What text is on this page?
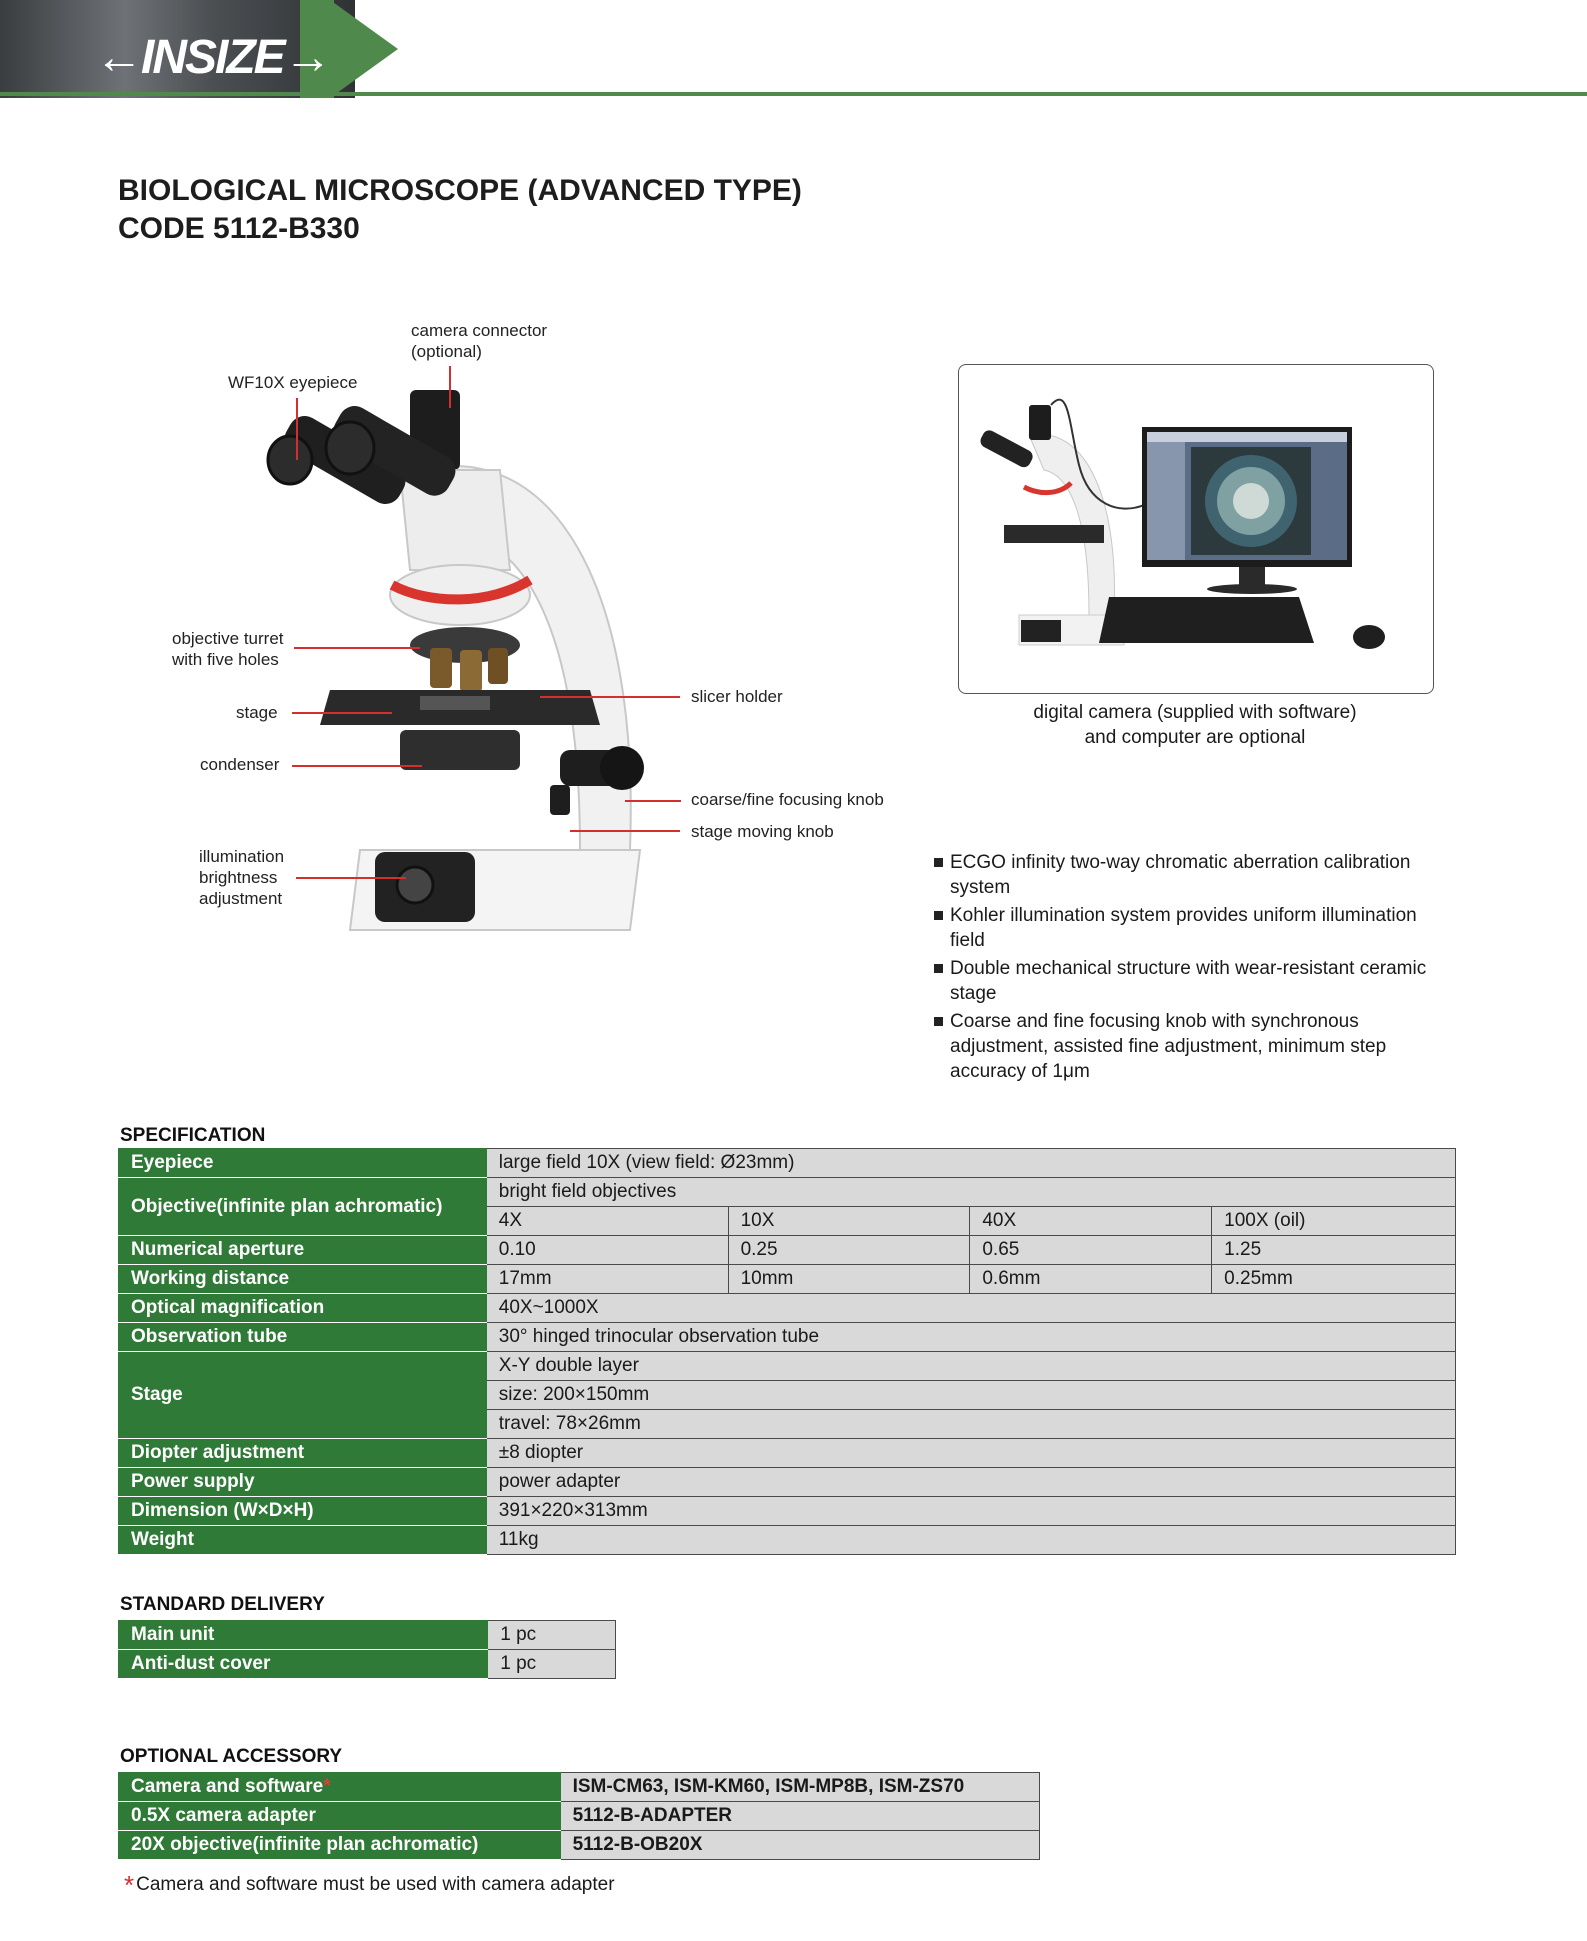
←INSIZE→
BIOLOGICAL MICROSCOPE (ADVANCED TYPE)
CODE 5112-B330
camera connector
(optional)
WF10X eyepiece
objective turret
with five holes
stage
condenser
illumination
brightness
adjustment
slicer holder
coarse/fine focusing knob
stage moving knob
digital camera (supplied with software)
and computer are optional
ECGO infinity two-way chromatic aberration calibration system
Kohler illumination system provides uniform illumination field
Double mechanical structure with wear-resistant ceramic stage
Coarse and fine focusing knob with synchronous adjustment, assisted fine adjustment, minimum step accuracy of 1μm
SPECIFICATION
Eyepiece	large field 10X (view field: Ø23mm)			
Objective(infinite plan achromatic)	bright field objectives			
	4X	10X	40X	100X (oil)
Numerical aperture	0.10	0.25	0.65	1.25
Working distance	17mm	10mm	0.6mm	0.25mm
Optical magnification	40X~1000X			
Observation tube	30° hinged trinocular observation tube			
Stage	X-Y double layer			
	size: 200×150mm			
	travel: 78×26mm			
Diopter adjustment	±8 diopter			
Power supply	power adapter			
Dimension (W×D×H)	391×220×313mm			
Weight	11kg			
STANDARD DELIVERY
Main unit	1 pc
Anti-dust cover	1 pc
OPTIONAL ACCESSORY
Camera and software*	ISM-CM63, ISM-KM60, ISM-MP8B, ISM-ZS70
0.5X camera adapter	5112-B-ADAPTER
20X objective(infinite plan achromatic)	5112-B-OB20X
* Camera and software must be used with camera adapter
